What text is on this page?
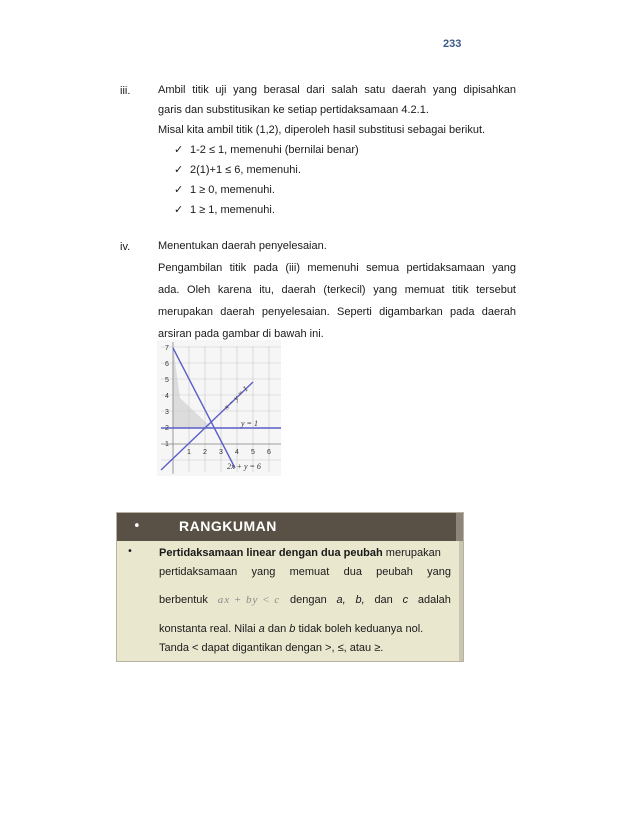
233
iii.	Ambil titik uji yang berasal dari salah satu daerah yang dipisahkan
garis dan substitusikan ke setiap pertidaksamaan 4.2.1.
Misal kita ambil titik (1,2), diperoleh hasil substitusi sebagai berikut.
✓ 1-2 ≤ 1, memenuhi (bernilai benar)
✓ 2(1)+1 ≤ 6, memenuhi.
✓ 1 ≥ 0, memenuhi.
✓ 1 ≥ 1, memenuhi.
iv.	Menentukan daerah penyelesaian.
Pengambilan titik pada (iii) memenuhi semua pertidaksamaan yang
ada. Oleh karena itu, daerah (terkecil) yang memuat titik tersebut
merupakan daerah penyelesaian. Seperti digambarkan pada daerah
arsiran pada gambar di bawah ini.
7
6
5
4
3
2
1
1 2 3 4 5 6
y = 1
2x + y = 6
x − y = 1
•	RANGKUMAN
• Pertidaksamaan linear dengan dua peubah merupakan
pertidaksamaan yang memuat dua peubah yang
berbentuk ax + by < c dengan a, b, dan c adalah
konstanta real. Nilai a dan b tidak boleh keduanya nol.
Tanda < dapat digantikan dengan >, ≤, atau ≥.
